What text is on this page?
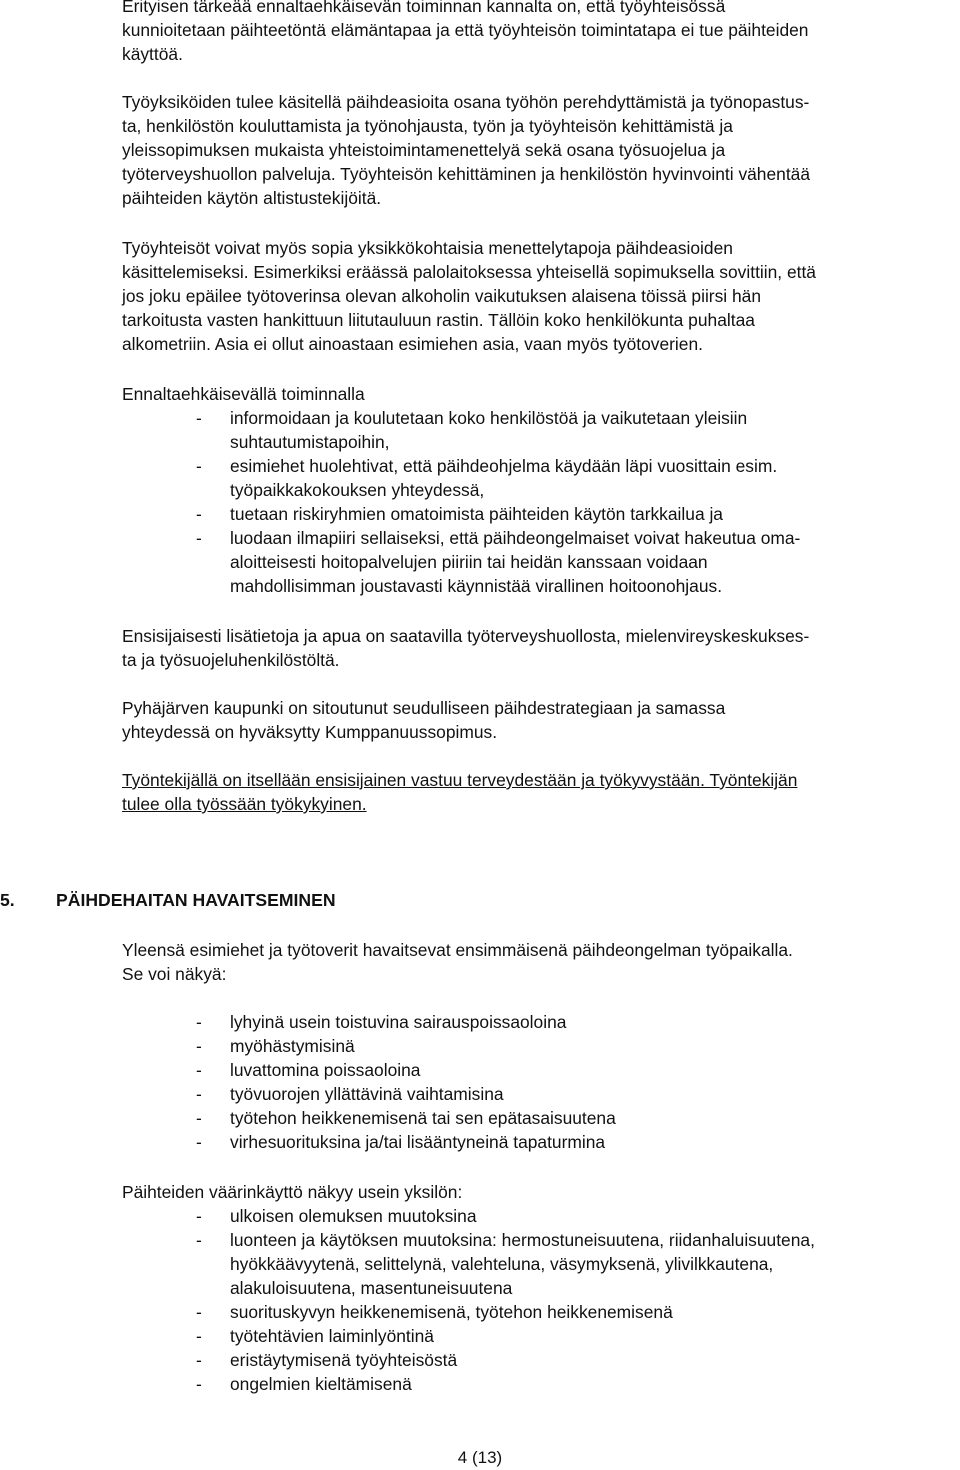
Erityisen tärkeää ennaltaehkäisevän toiminnan kannalta on, että työyhteisössä
kunnioitetaan päihteetöntä elämäntapaa ja että työyhteisön toimintatapa ei tue päihteiden
käyttöä.
Työyksiköiden tulee käsitellä päihdeasioita osana työhön perehdyttämistä ja työnopastus-
ta, henkilöstön kouluttamista ja työnohjausta, työn ja työyhteisön kehittämistä ja
yleissopimuksen mukaista yhteistoimintamenettelyä sekä osana työsuojelua ja
työterveyshuollon palveluja. Työyhteisön kehittäminen ja henkilöstön hyvinvointi vähentää
päihteiden käytön altistustekijöitä.
Työyhteisöt voivat myös sopia yksikkökohtaisia menettelytapoja päihdeasioiden
käsittelemiseksi. Esimerkiksi eräässä palolaitoksessa yhteisellä sopimuksella sovittiin, että
jos joku epäilee työtoverinsa olevan alkoholin vaikutuksen alaisena töissä piirsi hän
tarkoitusta vasten hankittuun liitutauluun rastin. Tällöin koko henkilökunta puhaltaa
alkometriin. Asia ei ollut ainoastaan esimiehen asia, vaan myös työtoverien.

Ennaltaehkäisevällä toiminnalla

- informoidaan ja koulutetaan koko henkilöstöä ja vaikutetaan yleisiin
suhtautumistapoihin,
- esimiehet huolehtivat, että päihdeohjelma käydään läpi vuosittain esim.
työpaikkakokouksen yhteydessä,
- tuetaan riskiryhmien omatoimista päihteiden käytön tarkkailua ja
- luodaan ilmapiiri sellaiseksi, että päihdeongelmaiset voivat hakeutua oma-
aloitteisesti hoitopalvelujen piiriin tai heidän kanssaan voidaan
mahdollisimman joustavasti käynnistää virallinen hoitoonohjaus.
Ensisijaisesti lisätietoja ja apua on saatavilla työterveyshuollosta, mielenvireyskeskukses-
ta ja työsuojeluhenkilöstöltä.
Pyhäjärven kaupunki on sitoutunut seudulliseen päihdestrategiaan ja samassa
yhteydessä on hyväksytty Kumppanuussopimus.
Työntekijällä on itsellään ensisijainen vastuu terveydestään ja työkyvystään. Työntekijän
tulee olla työssään työkykyinen.
5. PÄIHDEHAITAN HAVAITSEMINEN
Yleensä esimiehet ja työtoverit havaitsevat ensimmäisenä päihdeongelman työpaikalla.
Se voi näkyä:
- lyhyinä usein toistuvina sairauspoissaoloina
- myöhästymisinä
- luvattomina poissaoloina
- työvuorojen yllättävinä vaihtamisina
- työtehon heikkenemisenä tai sen epätasaisuutena
- virhesuorituksina ja/tai lisääntyneinä tapaturmina

Päihteiden väärinkäyttö näkyy usein yksilön:

- ulkoisen olemuksen muutoksina
- luonteen ja käytöksen muutoksina: hermostuneisuutena, riidanhaluisuutena,
hyökkäävyytenä, selittelynä, valehteluna, väsymyksenä, ylivilkkautena,
alakuloisuutena, masentuneisuutena
- suorituskyvyn heikkenemisenä, työtehon heikkenemisenä
- työtehtävien laiminlyöntinä
- eristäytymisenä työyhteisöstä
- ongelmien kieltämisenä
4 (13)
